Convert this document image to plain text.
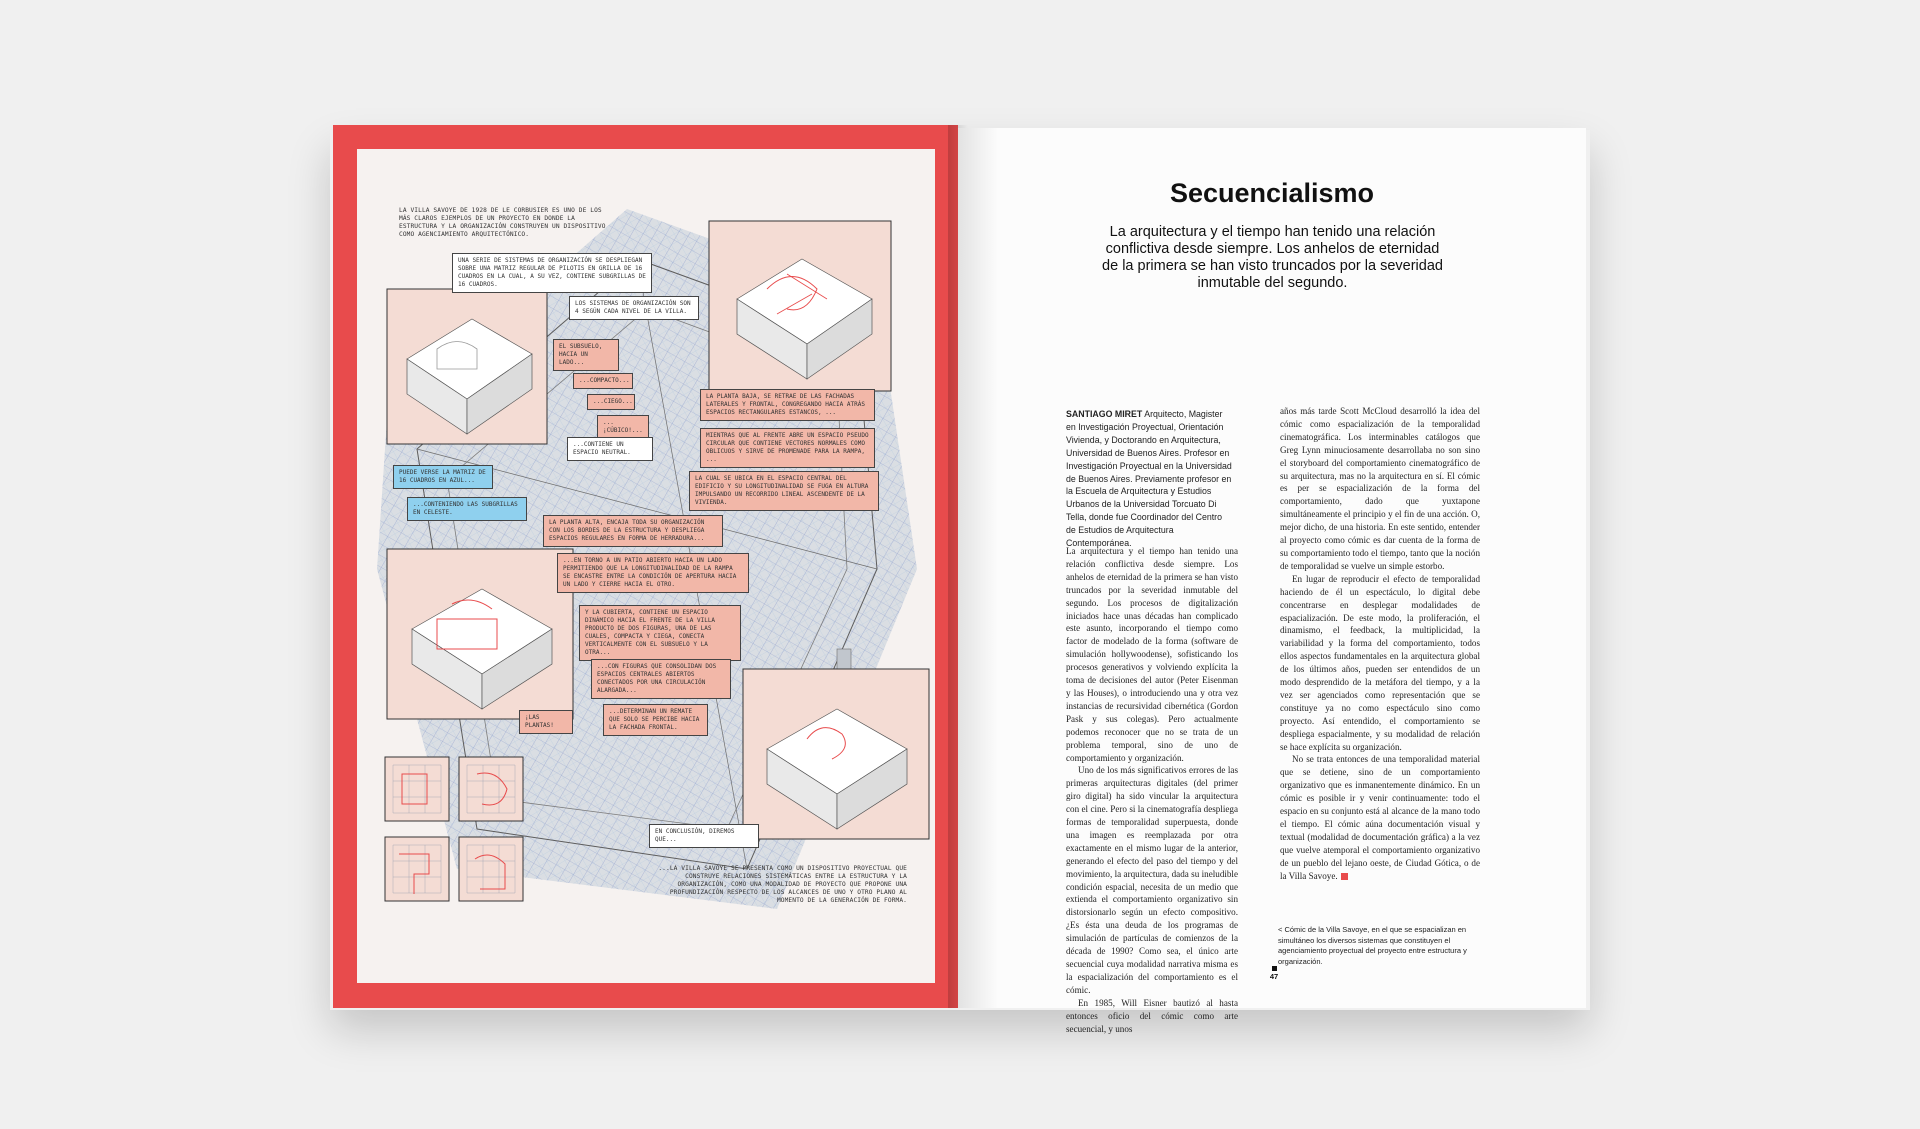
LA VILLA SAVOYE DE 1928 DE LE CORBUSIER ES UNO DE LOS MÁS CLAROS EJEMPLOS DE UN PROYECTO EN DONDE LA ESTRUCTURA Y LA ORGANIZACIÓN CONSTRUYEN UN DISPOSITIVO COMO AGENCIAMIENTO ARQUITECTÓNICO.
UNA SERIE DE SISTEMAS DE ORGANIZACIÓN SE DESPLIEGAN SOBRE UNA MATRIZ REGULAR DE PILOTIS EN GRILLA DE 16 CUADROS EN LA CUAL, A SU VEZ, CONTIENE SUBGRILLAS DE 16 CUADROS.
LOS SISTEMAS DE ORGANIZACIÓN SON 4 SEGÚN CADA NIVEL DE LA VILLA.
EL SUBSUELO, HACIA UN LADO...
...COMPACTO...
...CIEGO...
...¡CÚBICO!...
...CONTIENE UN ESPACIO NEUTRAL.
LA PLANTA BAJA, SE RETRAE DE LAS FACHADAS LATERALES Y FRONTAL, CONGREGANDO HACIA ATRÁS ESPACIOS RECTANGULARES ESTANCOS, ...
MIENTRAS QUE AL FRENTE ABRE UN ESPACIO PSEUDO CIRCULAR QUE CONTIENE VECTORES NORMALES COMO OBLICUOS Y SIRVE DE PROMENADE PARA LA RAMPA, ...
PUEDE VERSE LA MATRIZ DE 16 CUADROS EN AZUL...
...CONTENIENDO LAS SUBGRILLAS EN CELESTE.
LA CUAL SE UBICA EN EL ESPACIO CENTRAL DEL EDIFICIO Y SU LONGITUDINALIDAD SE FUGA EN ALTURA IMPULSANDO UN RECORRIDO LINEAL ASCENDENTE DE LA VIVIENDA.
LA PLANTA ALTA, ENCAJA TODA SU ORGANIZACIÓN CON LOS BORDES DE LA ESTRUCTURA Y DESPLIEGA ESPACIOS REGULARES EN FORMA DE HERRADURA...
...EN TORNO A UN PATIO ABIERTO HACIA UN LADO PERMITIENDO QUE LA LONGITUDINALIDAD DE LA RAMPA SE ENCASTRE ENTRE LA CONDICIÓN DE APERTURA HACIA UN LADO Y CIERRE HACIA EL OTRO.
Y LA CUBIERTA, CONTIENE UN ESPACIO DINÁMICO HACIA EL FRENTE DE LA VILLA PRODUCTO DE DOS FIGURAS, UNA DE LAS CUALES, COMPACTA Y CIEGA, CONECTA VERTICALMENTE CON EL SUBSUELO Y LA OTRA...
...CON FIGURAS QUE CONSOLIDAN DOS ESPACIOS CENTRALES ABIERTOS CONECTADOS POR UNA CIRCULACIÓN ALARGADA...
¡LAS PLANTAS!
...DETERMINAN UN REMATE QUE SOLO SE PERCIBE HACIA LA FACHADA FRONTAL.
EN CONCLUSIÓN, DIREMOS QUE...
...LA VILLA SAVOYE SE PRESENTA COMO UN DISPOSITIVO PROYECTUAL QUE CONSTRUYE RELACIONES SISTEMÁTICAS ENTRE LA ESTRUCTURA Y LA ORGANIZACIÓN, COMO UNA MODALIDAD DE PROYECTO QUE PROPONE UNA PROFUNDIZACIÓN RESPECTO DE LOS ALCANCES DE UNO Y OTRO PLANO AL MOMENTO DE LA GENERACIÓN DE FORMA.
Secuencialismo
La arquitectura y el tiempo han tenido una relación conflictiva desde siempre. Los anhelos de eternidad de la primera se han visto truncados por la severidad inmutable del segundo.
SANTIAGO MIRET Arquitecto, Magister en Investigación Proyectual, Orientación Vivienda, y Doctorando en Arquitectura, Universidad de Buenos Aires. Profesor en Investigación Proyectual en la Universidad de Buenos Aires. Previamente profesor en la Escuela de Arquitectura y Estudios Urbanos de la Universidad Torcuato Di Tella, donde fue Coordinador del Centro de Estudios de Arquitectura Contemporánea.

La arquitectura y el tiempo han tenido una relación conflictiva desde siempre. Los anhelos de eternidad de la primera se han visto truncados por la severidad inmutable del segundo. Los procesos de digitalización iniciados hace unas décadas han complicado este asunto, incorporando el tiempo como factor de modelado de la forma (software de simulación hollywoodense), sofisticando los procesos generativos y volviendo explícita la toma de decisiones del autor (Peter Eisenman y las Houses), o introduciendo una y otra vez instancias de recursividad cibernética (Gordon Pask y sus colegas). Pero actualmente podemos reconocer que no se trata de un problema temporal, sino de uno de comportamiento y organización.

Uno de los más significativos errores de las primeras arquitecturas digitales (del primer giro digital) ha sido vincular la arquitectura con el cine. Pero si la cinematografía despliega formas de temporalidad superpuesta, donde una imagen es reemplazada por otra exactamente en el mismo lugar de la anterior, generando el efecto del paso del tiempo y del movimiento, la arquitectura, dada su ineludible condición espacial, necesita de un medio que extienda el comportamiento organizativo sin distorsionarlo según un efecto compositivo. ¿Es ésta una deuda de los programas de simulación de partículas de comienzos de la década de 1990? Como sea, el único arte secuencial cuya modalidad narrativa misma es la espacialización del comportamiento es el cómic.

En 1985, Will Eisner bautizó al hasta entonces oficio del cómic como arte secuencial, y unos

años más tarde Scott McCloud desarrolló la idea del cómic como espacialización de la temporalidad cinematográfica. Los interminables catálogos que Greg Lynn minuciosamente desarrollaba no son sino el storyboard del comportamiento cinematográfico de su arquitectura, mas no la arquitectura en sí. El cómic es per se espacialización de la forma del comportamiento, dado que yuxtapone simultáneamente el principio y el fin de una acción. O, mejor dicho, de una historia. En este sentido, entender al proyecto como cómic es dar cuenta de la forma de su comportamiento todo el tiempo, tanto que la noción de temporalidad se vuelve un simple estorbo.

En lugar de reproducir el efecto de temporalidad haciendo de él un espectáculo, lo digital debe concentrarse en desplegar modalidades de espacialización. De este modo, la proliferación, el dinamismo, el feedback, la multiplicidad, la variabilidad y la forma del comportamiento, todos ellos aspectos fundamentales en la arquitectura global de los últimos años, pueden ser entendidos de un modo desprendido de la metáfora del tiempo, y a la vez ser agenciados como representación que se constituye ya no como espectáculo sino como proyecto. Así entendido, el comportamiento se despliega espacialmente, y su modalidad de relación se hace explícita su organización.

No se trata entonces de una temporalidad material que se detiene, sino de un comportamiento organizativo que es inmanentemente dinámico. En un cómic es posible ir y venir continuamente: todo el espacio en su conjunto está al alcance de la mano todo el tiempo. El cómic aúna documentación visual y textual (modalidad de documentación gráfica) a la vez que vuelve atemporal el comportamiento organizativo de un pueblo del lejano oeste, de Ciudad Gótica, o de la Villa Savoye.

< Cómic de la Villa Savoye, en el que se espacializan en simultáneo los diversos sistemas que constituyen el agenciamiento proyectual del proyecto entre estructura y organización.
47
